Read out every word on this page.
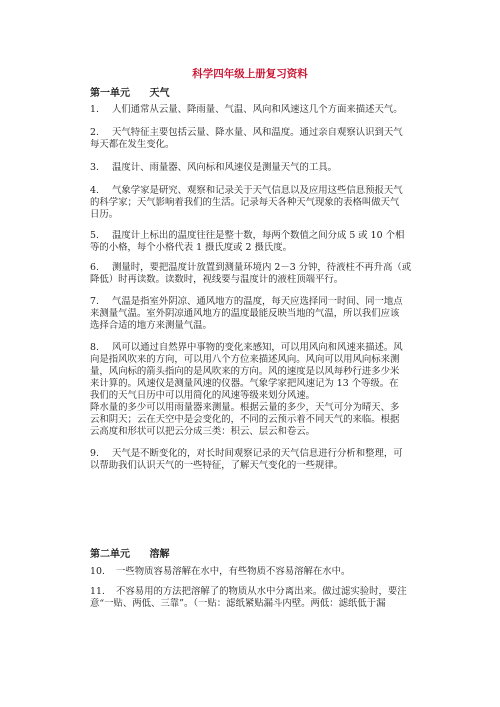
科学四年级上册复习资料
第一单元 天气
1. 人们通常从云量、降雨量、气温、风向和风速这几个方面来描述天气。
2. 天气特征主要包括云量、降水量、风和温度。通过亲自观察认识到天气
每天都在发生变化。
3. 温度计、雨量器、风向标和风速仪是测量天气的工具。
4. 气象学家是研究、观察和记录关于天气信息以及应用这些信息预报天气
的科学家；天气影响着我们的生活。记录每天各种天气现象的表格叫做天气
日历。
5. 温度计上标出的温度往往是整十数，每两个数值之间分成 5 或 10 个相
等的小格，每个小格代表 1 摄氏度或 2 摄氏度。
6. 测量时，要把温度计放置到测量环境内 2－3 分钟，待液柱不再升高（或
降低）时再读数。读数时，视线要与温度计的液柱顶端平行。
7. 气温是指室外阴凉、通风地方的温度，每天应选择同一时间、同一地点
来测量气温。室外阴凉通风地方的温度最能反映当地的气温，所以我们应该
选择合适的地方来测量气温。
8. 风可以通过自然界中事物的变化来感知，可以用风向和风速来描述。风
向是指风吹来的方向，可以用八个方位来描述风向。风向可以用风向标来测
量，风向标的箭头指向的是风吹来的方向。风的速度是以风每秒行进多少米
来计算的。风速仪是测量风速的仪器。气象学家把风速记为 13 个等级。在
我们的天气日历中可以用简化的风速等级来划分风速。
降水量的多少可以用雨量器来测量。根据云量的多少，天气可分为晴天、多
云和阴天；云在天空中是会变化的，不同的云预示着不同天气的来临。根据
云高度和形状可以把云分成三类：积云、层云和卷云。
9. 天气是不断变化的，对长时间观察记录的天气信息进行分析和整理，可
以帮助我们认识天气的一些特征，了解天气变化的一些规律。
第二单元 溶解
10. 一些物质容易溶解在水中，有些物质不容易溶解在水中。
11. 不容易用的方法把溶解了的物质从水中分离出来。做过滤实验时，要注
意“一贴、两低、三靠”。（一贴：滤纸紧贴漏斗内壁。两低：滤纸低于漏
